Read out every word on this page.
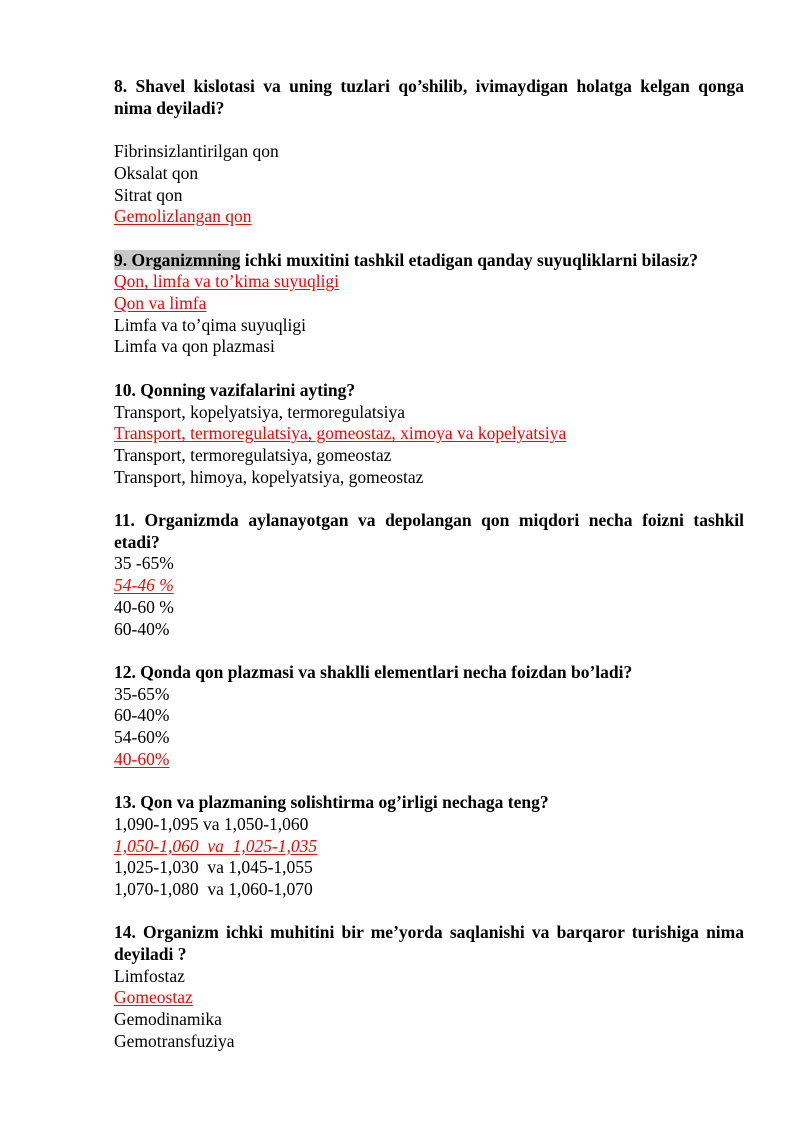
8. Shavel kislotasi va uning tuzlari qo’shilib, ivimaydigan holatga kelgan qonga nima deyiladi?

Fibrinsizlantirilgan qon

Oksalat qon

Sitrat qon

Gemolizlangan qon

9. Organizmning ichki muxitini tashkil etadigan qanday suyuqliklarni bilasiz?

Qon, limfa va to’kima suyuqligi

Qon va limfa

Limfa va to’qima suyuqligi

Limfa va qon plazmasi

10. Qonning vazifalarini ayting?

Transport, kopelyatsiya, termoregulatsiya

Transport, termoregulatsiya, gomeostaz, ximoya va kopelyatsiya

Transport, termoregulatsiya, gomeostaz

Transport, himoya, kopelyatsiya, gomeostaz

11. Organizmda aylanayotgan va depolangan qon miqdori necha foizni tashkil etadi?

35 -65%

54-46 %

40-60 %

60-40%

12. Qonda qon plazmasi va shaklli elementlari necha foizdan bo’ladi?

35-65%

60-40%

54-60%

40-60%

13. Qon va plazmaning solishtirma og’irligi nechaga teng?

1,090-1,095 va 1,050-1,060

1,050-1,060  va  1,025-1,035

1,025-1,030  va 1,045-1,055

1,070-1,080  va 1,060-1,070

14. Organizm ichki muhitini bir me’yorda saqlanishi va barqaror turishiga nima deyiladi ?

Limfostaz

Gomeostaz

Gemodinamika

Gemotransfuziya
